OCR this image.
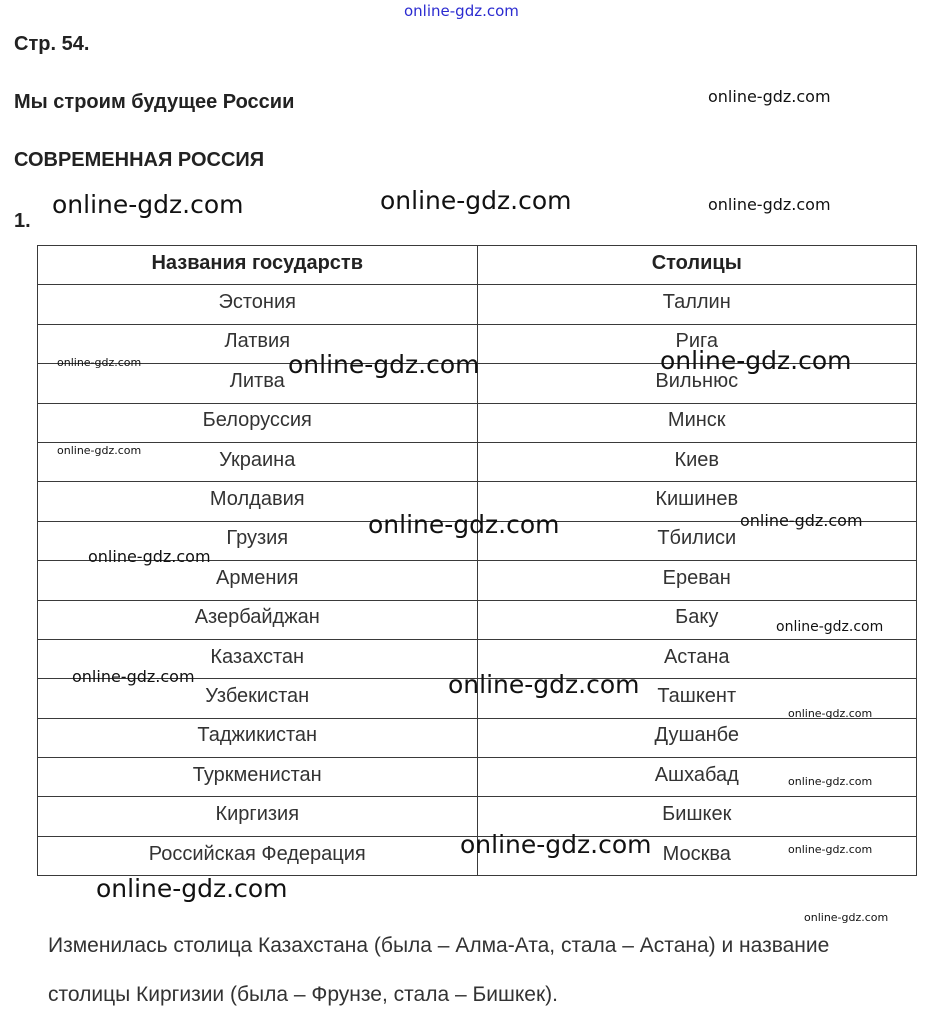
online-gdz.com
Стр. 54.
Мы строим будущее России
СОВРЕМЕННАЯ РОССИЯ
1.
Названия государств	Столицы
Эстония	Таллин
Латвия	Рига
Литва	Вильнюс
Белоруссия	Минск
Украина	Киев
Молдавия	Кишинев
Грузия	Тбилиси
Армения	Ереван
Азербайджан	Баку
Казахстан	Астана
Узбекистан	Ташкент
Таджикистан	Душанбе
Туркменистан	Ашхабад
Киргизия	Бишкек
Российская Федерация	Москва
Изменилась столица Казахстана (была – Алма-Ата, стала – Астана) и название
столицы Киргизии (была – Фрунзе, стала – Бишкек).
online-gdz.com
online-gdz.com	online-gdz.com	online-gdz.com
online-gdz.com	online-gdz.com	online-gdz.com
online-gdz.com
online-gdz.com	online-gdz.com
online-gdz.com
online-gdz.com
online-gdz.com	online-gdz.com
online-gdz.com
online-gdz.com
online-gdz.com	online-gdz.com
online-gdz.com
online-gdz.com
